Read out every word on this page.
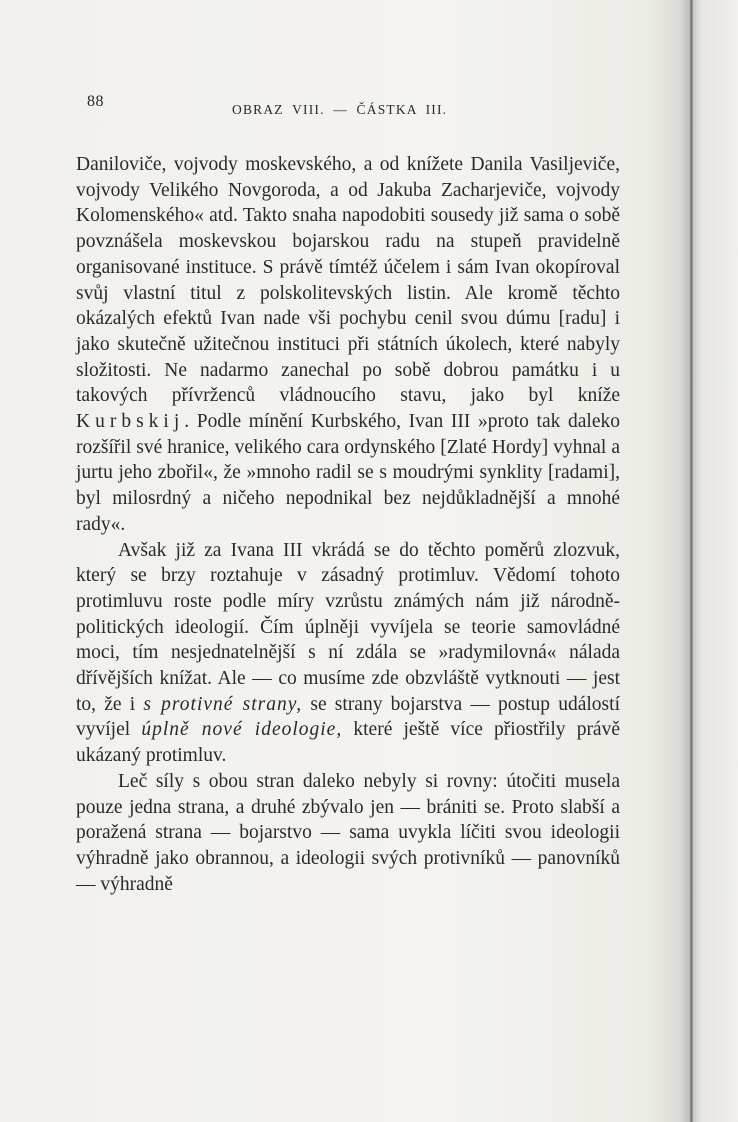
88	OBRAZ VIII. — ČÁSTKA III.

Daniloviče, vojvody moskevského, a od knížete Danila Vasiljeviče, vojvody Velikého Novgoroda, a od Jakuba Zacharjeviče, vojvody Kolomenského« atd. Takto snaha napodobiti sousedy již sama o sobě povznášela moskevskou bojarskou radu na stupeň pravidelně organisované instituce. S právě tímtéž účelem i sám Ivan okopíroval svůj vlastní titul z polskolitevských listin. Ale kromě těchto okázalých efektů Ivan nade vši pochybu cenil svou dúmu [radu] i jako skutečně užitečnou instituci při státních úkolech, které nabyly složitosti. Ne nadarmo zanechal po sobě dobrou památku i u takových přívrženců vládnoucího stavu, jako byl kníže Kurbskij. Podle mínění Kurbského, Ivan III »proto tak daleko rozšířil své hranice, velikého cara ordynského [Zlaté Hordy] vyhnal a jurtu jeho zbořil«, že »mnoho radil se s moudrými synklity [radami], byl milosrdný a ničeho nepodnikal bez nejdůkladnější a mnohé rady«.

Avšak již za Ivana III vkrádá se do těchto poměrů zlozvuk, který se brzy roztahuje v zásadný protimluv. Vědomí tohoto protimluvu roste podle míry vzrůstu známých nám již národně-politických ideologií. Čím úplněji vyvíjela se teorie samovládné moci, tím nesjednatelnější s ní zdála se »radymilovná« nálada dřívějších knížat. Ale — co musíme zde obzvláště vytknouti — jest to, že i s protivné strany, se strany bojarstva — postup událostí vyvíjel úplně nové ideologie, které ještě více přiostřily právě ukázaný protimluv.

Leč síly s obou stran daleko nebyly si rovny: útočiti musela pouze jedna strana, a druhé zbývalo jen — brániti se. Proto slabší a poražená strana — bojarstvo — sama uvykla líčiti svou ideologii výhradně jako obrannou, a ideologii svých protivníků — panovníků — výhradně
